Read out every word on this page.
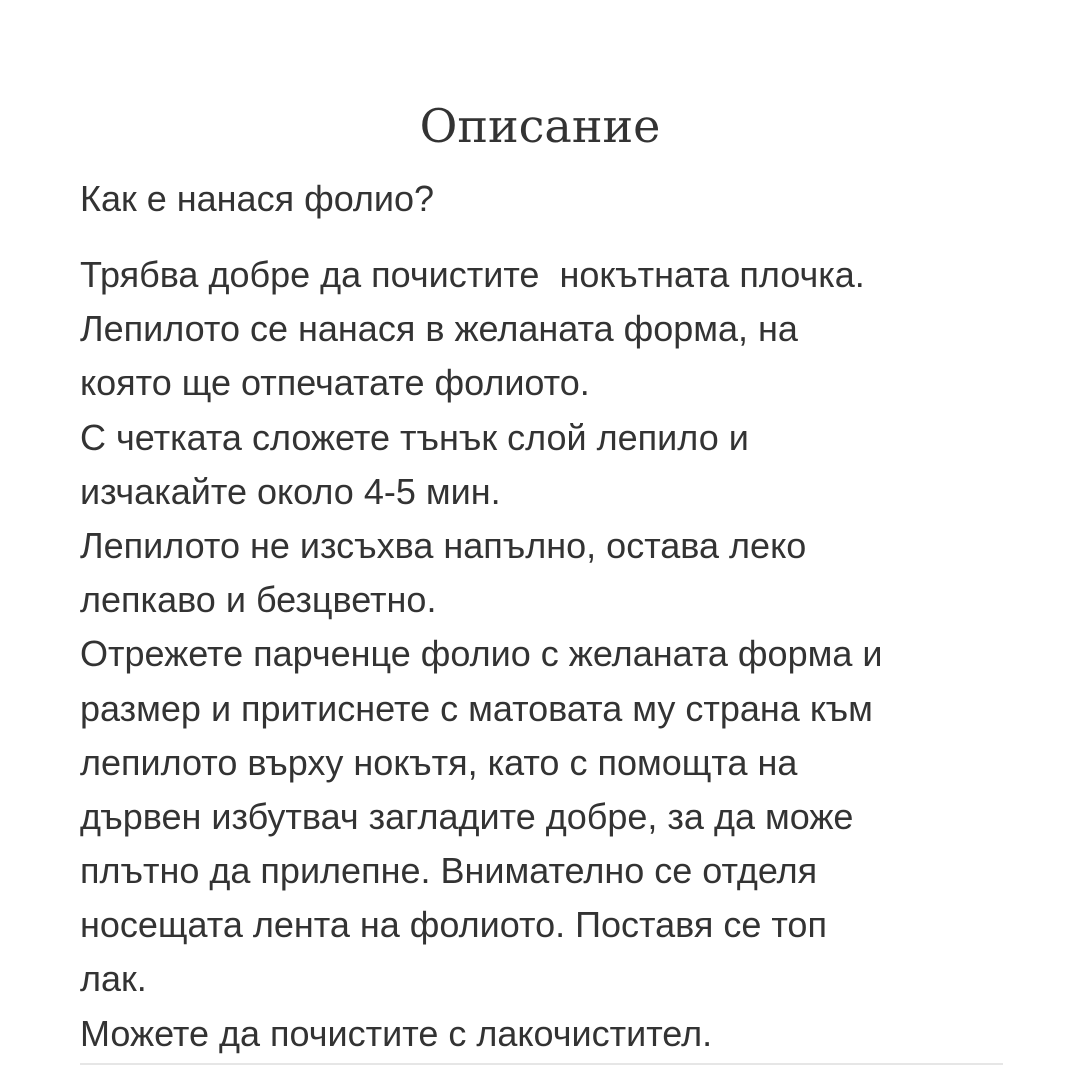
Описание

Как е нанася фолио?

Трябва добре да почистите  нокътната плочка.
Лепилото се нанася в желаната форма, на
която ще отпечатате фолиото.
С четката сложете тънък слой лепило и
изчакайте около 4-5 мин.
Лепилото не изсъхва напълно, остава леко
лепкаво и безцветно.
Отрежете парченце фолио с желаната форма и
размер и притиснете с матовата му страна към
лепилото върху нокътя, като с помощта на
дървен избутвач загладите добре, за да може
плътно да прилепне. Внимателно се отделя
носещата лента на фолиото. Поставя се топ
лак.
Можете да почистите с лакочистител.
